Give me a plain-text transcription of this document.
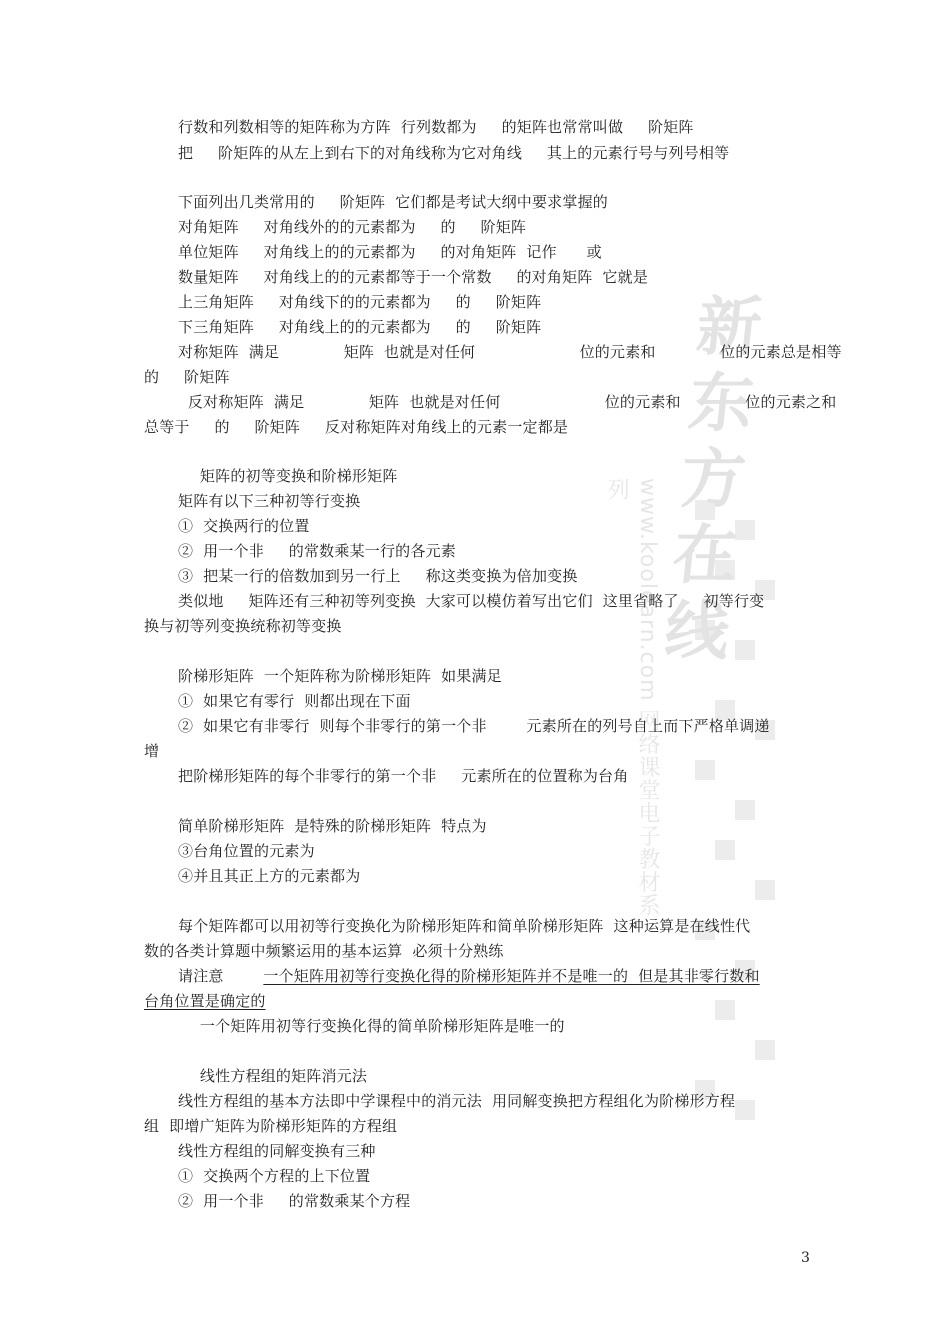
新东方在线
www.koolearn.com 网络课堂电子教材系列
行数和列数相等的矩阵称为方阵  行列数都为     的矩阵也常常叫做     阶矩阵
把     阶矩阵的从左上到右下的对角线称为它对角线     其上的元素行号与列号相等
下面列出几类常用的     阶矩阵  它们都是考试大纲中要求掌握的
对角矩阵     对角线外的的元素都为     的     阶矩阵
单位矩阵     对角线上的的元素都为     的对角矩阵  记作      或
数量矩阵     对角线上的的元素都等于一个常数     的对角矩阵  它就是
上三角矩阵     对角线下的的元素都为     的     阶矩阵
下三角矩阵     对角线上的的元素都为     的     阶矩阵
对称矩阵  满足             矩阵  也就是对任何                     位的元素和             位的元素总是相等
的     阶矩阵
反对称矩阵  满足             矩阵  也就是对任何                     位的元素和             位的元素之和
总等于     的     阶矩阵     反对称矩阵对角线上的元素一定都是
矩阵的初等变换和阶梯形矩阵
矩阵有以下三种初等行变换
①  交换两行的位置
②  用一个非     的常数乘某一行的各元素
③  把某一行的倍数加到另一行上     称这类变换为倍加变换
类似地     矩阵还有三种初等列变换  大家可以模仿着写出它们  这里省略了     初等行变
换与初等列变换统称初等变换
阶梯形矩阵  一个矩阵称为阶梯形矩阵  如果满足
①  如果它有零行  则都出现在下面
②  如果它有非零行  则每个非零行的第一个非        元素所在的列号自上而下严格单调递
增
把阶梯形矩阵的每个非零行的第一个非     元素所在的位置称为台角
简单阶梯形矩阵  是特殊的阶梯形矩阵  特点为
③台角位置的元素为
④并且其正上方的元素都为
每个矩阵都可以用初等行变换化为阶梯形矩阵和简单阶梯形矩阵  这种运算是在线性代
数的各类计算题中频繁运用的基本运算  必须十分熟练
请注意        一个矩阵用初等行变换化得的阶梯形矩阵并不是唯一的  但是其非零行数和
台角位置是确定的
一个矩阵用初等行变换化得的简单阶梯形矩阵是唯一的
线性方程组的矩阵消元法
线性方程组的基本方法即中学课程中的消元法  用同解变换把方程组化为阶梯形方程
组  即增广矩阵为阶梯形矩阵的方程组
线性方程组的同解变换有三种
①  交换两个方程的上下位置
②  用一个非     的常数乘某个方程
3
